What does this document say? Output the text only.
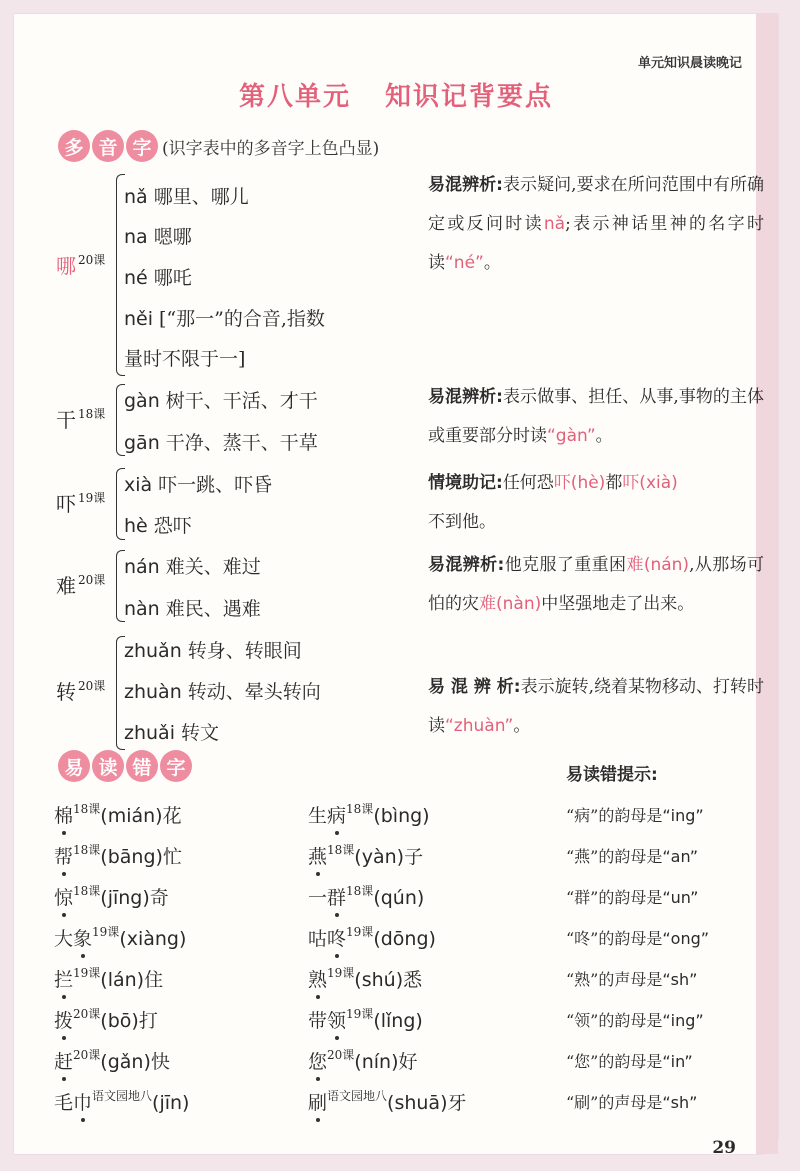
单元知识晨读晚记
第八单元 知识记背要点
多 音 字 (识字表中的多音字上色凸显)
哪 $^{20课}$
nǎ 哪里、哪儿
na 嗯哪
né 哪吒
něi [“那一”的合音,指数
量时不限于一]
易混辨析:表示疑问,要求在所问范围中有所确定或反问时读nǎ;表示神话里神的名字时读“né”。
干 $^{18课}$
gàn 树干、干活、才干
gān 干净、蒸干、干草
易混辨析:表示做事、担任、从事,事物的主体或重要部分时读“gàn”。
吓 $^{19课}$
xià 吓一跳、吓昏
hè 恐吓
情境助记:任何恐吓(hè)都吓(xià)
不到他。
难 $^{20课}$
nán 难关、难过
nàn 难民、遇难
易混辨析:他克服了重重困难(nán),从那场可怕的灾难(nàn)中坚强地走了出来。
转 $^{20课}$
zhuǎn 转身、转眼间
zhuàn 转动、晕头转向
zhuǎi 转文
易 混 辨 析:表示旋转,绕着某物移动、打转时读“zhuàn”。
易 读 错 字	易读错提示:
棉$^{18课}$(mián)花
帮$^{18课}$(bāng)忙
惊$^{18课}$(jīng)奇
大象$^{19课}$(xiàng)
拦$^{19课}$(lán)住
拨$^{20课}$(bō)打
赶$^{20课}$(gǎn)快
毛巾$^{语文园地八}$(jīn)
生病$^{18课}$(bìng)
燕$^{18课}$(yàn)子
一群$^{18课}$(qún)
咕咚$^{19课}$(dōng)
熟$^{19课}$(shú)悉
带领$^{19课}$(lǐng)
您$^{20课}$(nín)好
刷$^{语文园地八}$(shuā)牙
“病”的韵母是“ing”
“燕”的韵母是“an”
“群”的韵母是“un”
“咚”的韵母是“ong”
“熟”的声母是“sh”
“领”的韵母是“ing”
“您”的韵母是“in”
“刷”的声母是“sh”
29
